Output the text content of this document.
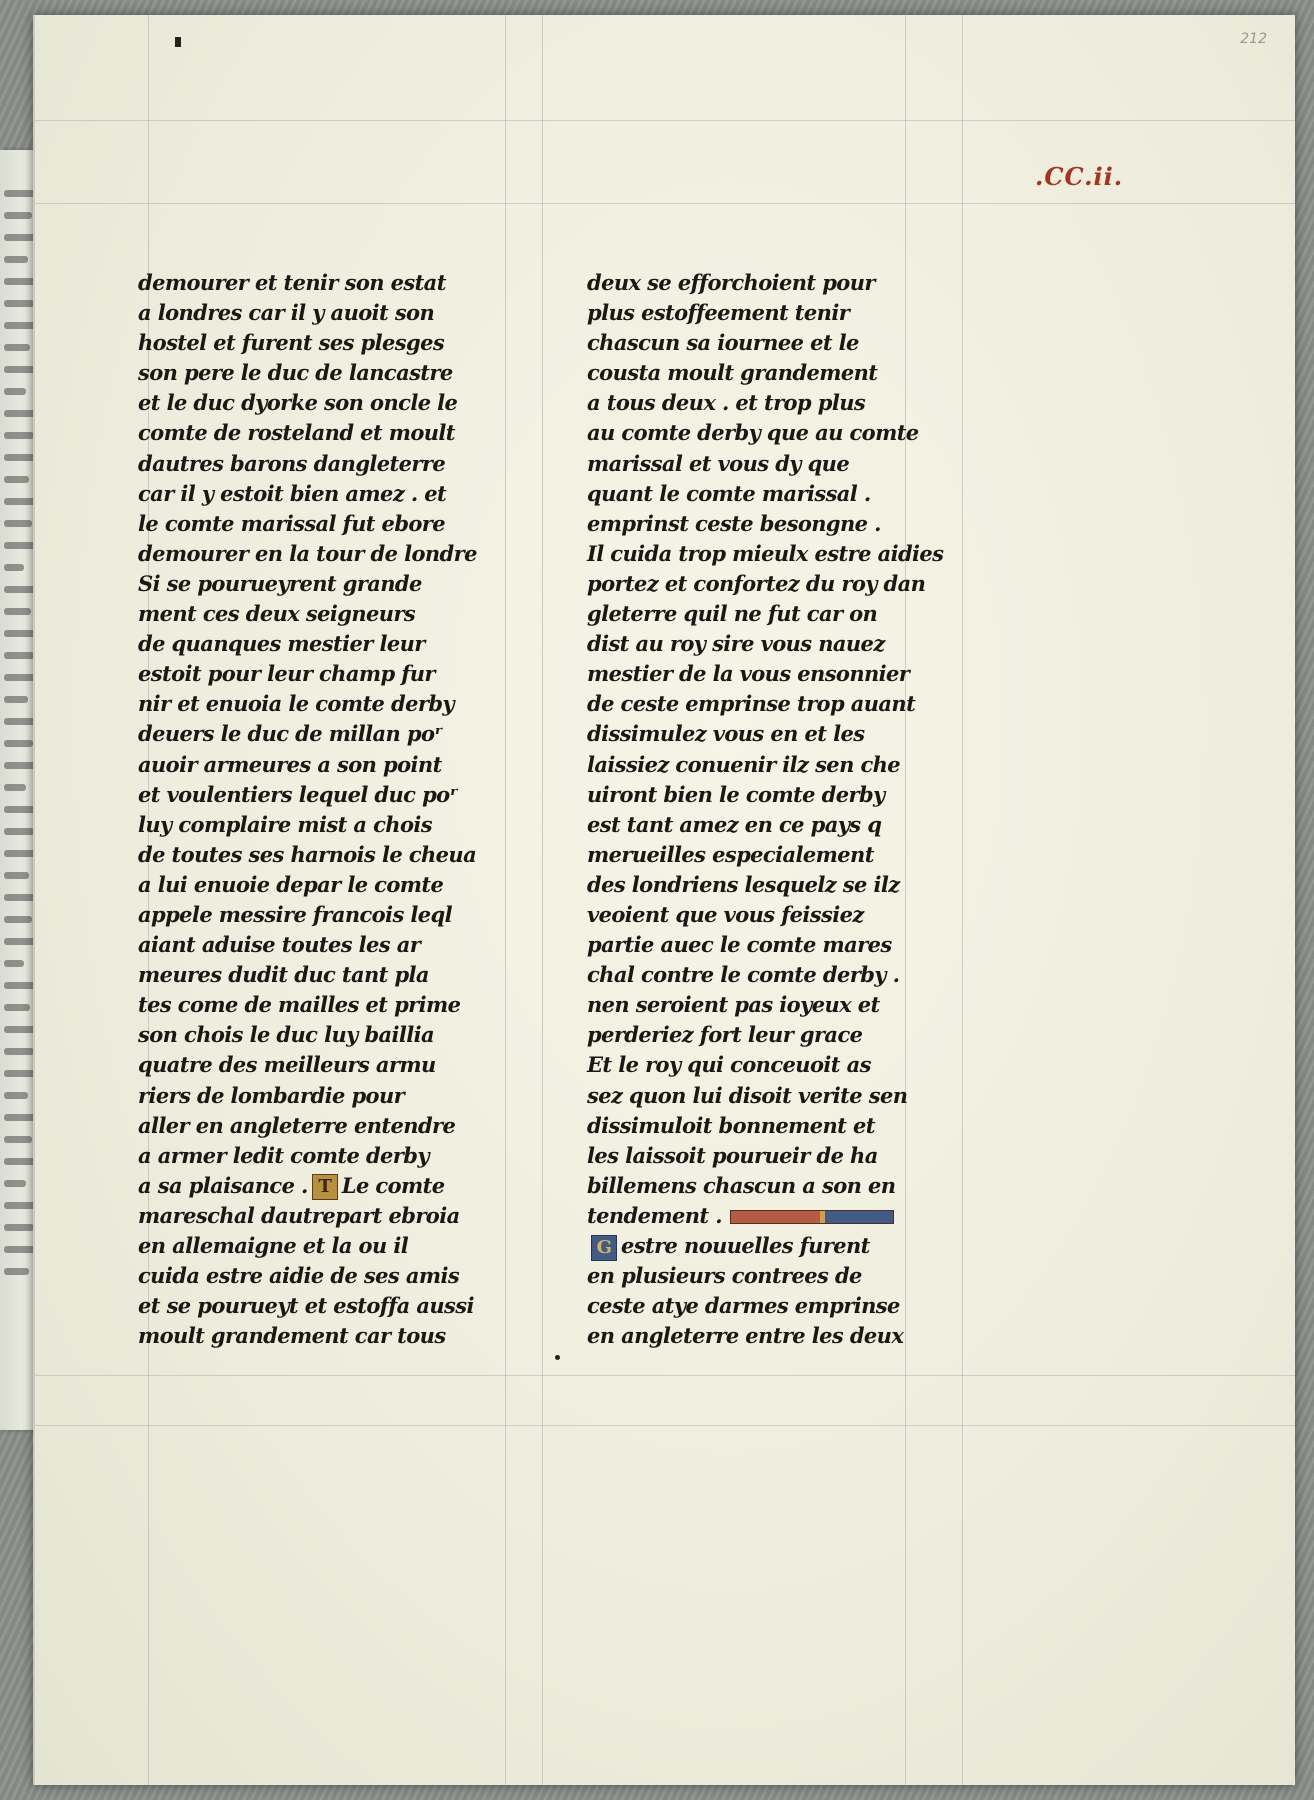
212
.CC.ii.
demourer et tenir son estat
a londres car il y auoit son
hostel et furent ses plesges
son pere le duc de lancastre
et le duc dyorke son oncle le
comte de rosteland et moult
dautres barons dangleterre
car il y estoit bien amez . et
le comte marissal fut ebore
demourer en la tour de londre
Si se pourueyrent grande
ment ces deux seigneurs
de quanques mestier leur
estoit pour leur champ fur
nir et enuoia le comte derby
deuers le duc de millan poʳ
auoir armeures a son point
et voulentiers lequel duc poʳ
luy complaire mist a chois
de toutes ses harnois le cheua
a lui enuoie depar le comte
appele messire francois leql
aiant aduise toutes les ar
meures dudit duc tant pla
tes come de mailles et prime
son chois le duc luy baillia
quatre des meilleurs armu
riers de lombardie pour
aller en angleterre entendre
a armer ledit comte derby
a sa plaisance . T Le comte
mareschal dautrepart ebroia
en allemaigne et la ou il
cuida estre aidie de ses amis
et se pourueyt et estoffa aussi
moult grandement car tous
deux se efforchoient pour
plus estoffeement tenir
chascun sa iournee et le
cousta moult grandement
a tous deux . et trop plus
au comte derby que au comte
marissal et vous dy que
quant le comte marissal .
emprinst ceste besongne .
Il cuida trop mieulx estre aidies
portez et confortez du roy dan
gleterre quil ne fut car on
dist au roy sire vous nauez
mestier de la vous ensonnier
de ceste emprinse trop auant
dissimulez vous en et les
laissiez conuenir ilz sen che
uiront bien le comte derby
est tant amez en ce pays q
merueilles especialement
des londriens lesquelz se ilz
veoient que vous feissiez
partie auec le comte mares
chal contre le comte derby .
nen seroient pas ioyeux et
perderiez fort leur grace
Et le roy qui conceuoit as
sez quon lui disoit verite sen
dissimuloit bonnement et
les laissoit pourueir de ha
billemens chascun a son en
tendement .
G estre nouuelles furent
en plusieurs contrees de
ceste atye darmes emprinse
en angleterre entre les deux
